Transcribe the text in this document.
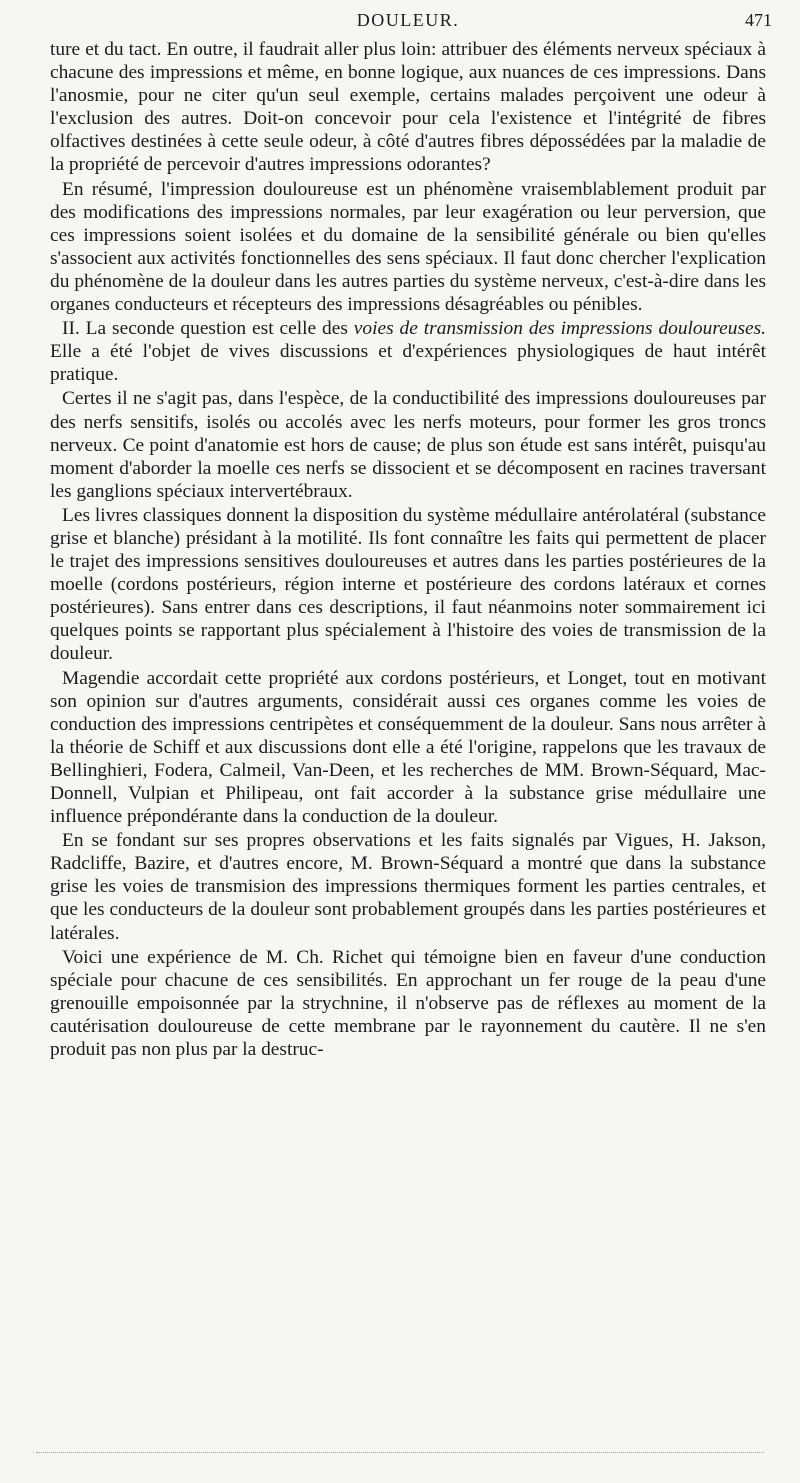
DOULEUR.	471

ture et du tact. En outre, il faudrait aller plus loin: attribuer des éléments nerveux spéciaux à chacune des impressions et même, en bonne logique, aux nuances de ces impressions. Dans l'anosmie, pour ne citer qu'un seul exemple, certains malades perçoivent une odeur à l'exclusion des autres. Doit-on concevoir pour cela l'existence et l'intégrité de fibres olfactives destinées à cette seule odeur, à côté d'autres fibres dépossédées par la maladie de la propriété de percevoir d'autres impressions odorantes?

En résumé, l'impression douloureuse est un phénomène vraisemblablement produit par des modifications des impressions normales, par leur exagération ou leur perversion, que ces impressions soient isolées et du domaine de la sensibilité générale ou bien qu'elles s'associent aux activités fonctionnelles des sens spéciaux. Il faut donc chercher l'explication du phénomène de la douleur dans les autres parties du système nerveux, c'est-à-dire dans les organes conducteurs et récepteurs des impressions désagréables ou pénibles.

II. La seconde question est celle des voies de transmission des impressions douloureuses. Elle a été l'objet de vives discussions et d'expériences physiologiques de haut intérêt pratique.

Certes il ne s'agit pas, dans l'espèce, de la conductibilité des impressions douloureuses par des nerfs sensitifs, isolés ou accolés avec les nerfs moteurs, pour former les gros troncs nerveux. Ce point d'anatomie est hors de cause; de plus son étude est sans intérêt, puisqu'au moment d'aborder la moelle ces nerfs se dissocient et se décomposent en racines traversant les ganglions spéciaux intervertébraux.

Les livres classiques donnent la disposition du système médullaire antérolatéral (substance grise et blanche) présidant à la motilité. Ils font connaître les faits qui permettent de placer le trajet des impressions sensitives douloureuses et autres dans les parties postérieures de la moelle (cordons postérieurs, région interne et postérieure des cordons latéraux et cornes postérieures). Sans entrer dans ces descriptions, il faut néanmoins noter sommairement ici quelques points se rapportant plus spécialement à l'histoire des voies de transmission de la douleur.

Magendie accordait cette propriété aux cordons postérieurs, et Longet, tout en motivant son opinion sur d'autres arguments, considérait aussi ces organes comme les voies de conduction des impressions centripètes et conséquemment de la douleur. Sans nous arrêter à la théorie de Schiff et aux discussions dont elle a été l'origine, rappelons que les travaux de Bellinghieri, Fodera, Calmeil, Van-Deen, et les recherches de MM. Brown-Séquard, Mac-Donnell, Vulpian et Philipeau, ont fait accorder à la substance grise médullaire une influence prépondérante dans la conduction de la douleur.

En se fondant sur ses propres observations et les faits signalés par Vigues, H. Jakson, Radcliffe, Bazire, et d'autres encore, M. Brown-Séquard a montré que dans la substance grise les voies de transmision des impressions thermiques forment les parties centrales, et que les conducteurs de la douleur sont probablement groupés dans les parties postérieures et latérales.

Voici une expérience de M. Ch. Richet qui témoigne bien en faveur d'une conduction spéciale pour chacune de ces sensibilités. En approchant un fer rouge de la peau d'une grenouille empoisonnée par la strychnine, il n'observe pas de réflexes au moment de la cautérisation douloureuse de cette membrane par le rayonnement du cautère. Il ne s'en produit pas non plus par la destruc-
